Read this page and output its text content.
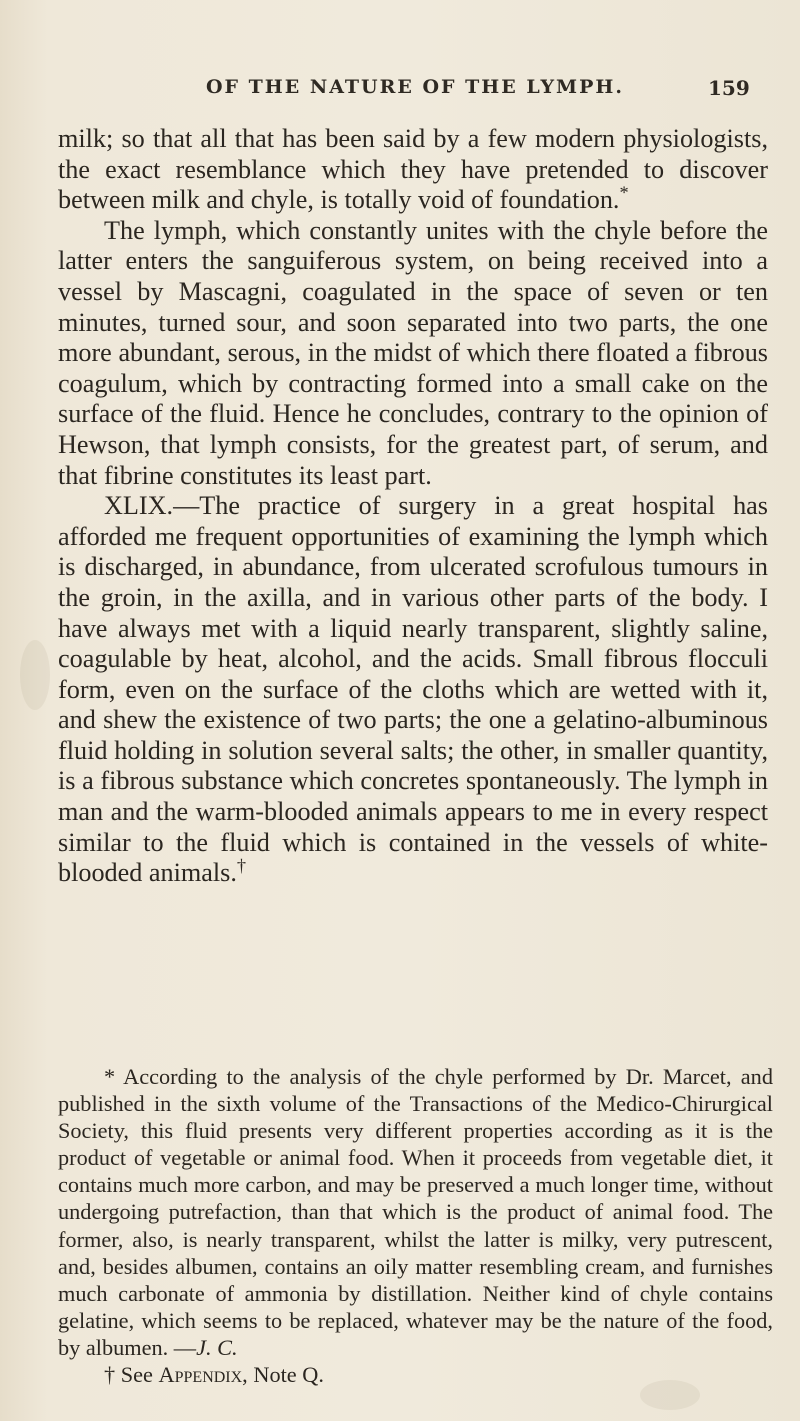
OF THE NATURE OF THE LYMPH.	159

milk; so that all that has been said by a few modern physiologists, the exact resemblance which they have pretended to discover between milk and chyle, is totally void of foundation.*

The lymph, which constantly unites with the chyle before the latter enters the sanguiferous system, on being received into a vessel by Mascagni, coagulated in the space of seven or ten minutes, turned sour, and soon separated into two parts, the one more abundant, serous, in the midst of which there floated a fibrous coagulum, which by contracting formed into a small cake on the surface of the fluid. Hence he concludes, contrary to the opinion of Hewson, that lymph consists, for the greatest part, of serum, and that fibrine constitutes its least part.

XLIX.—The practice of surgery in a great hospital has afforded me frequent opportunities of examining the lymph which is discharged, in abundance, from ulcerated scrofulous tumours in the groin, in the axilla, and in various other parts of the body. I have always met with a liquid nearly transparent, slightly saline, coagulable by heat, alcohol, and the acids. Small fibrous flocculi form, even on the surface of the cloths which are wetted with it, and shew the existence of two parts; the one a gelatino-albuminous fluid holding in solution several salts; the other, in smaller quantity, is a fibrous substance which concretes spontaneously. The lymph in man and the warm-blooded animals appears to me in every respect similar to the fluid which is contained in the vessels of white-blooded animals.†

* According to the analysis of the chyle performed by Dr. Marcet, and published in the sixth volume of the Transactions of the Medico-Chirurgical Society, this fluid presents very different properties according as it is the product of vegetable or animal food. When it proceeds from vegetable diet, it contains much more carbon, and may be preserved a much longer time, without undergoing putrefaction, than that which is the product of animal food. The former, also, is nearly transparent, whilst the latter is milky, very putrescent, and, besides albumen, contains an oily matter resembling cream, and furnishes much carbonate of ammonia by distillation. Neither kind of chyle contains gelatine, which seems to be replaced, whatever may be the nature of the food, by albumen. —J. C.

† See Appendix, Note Q.
